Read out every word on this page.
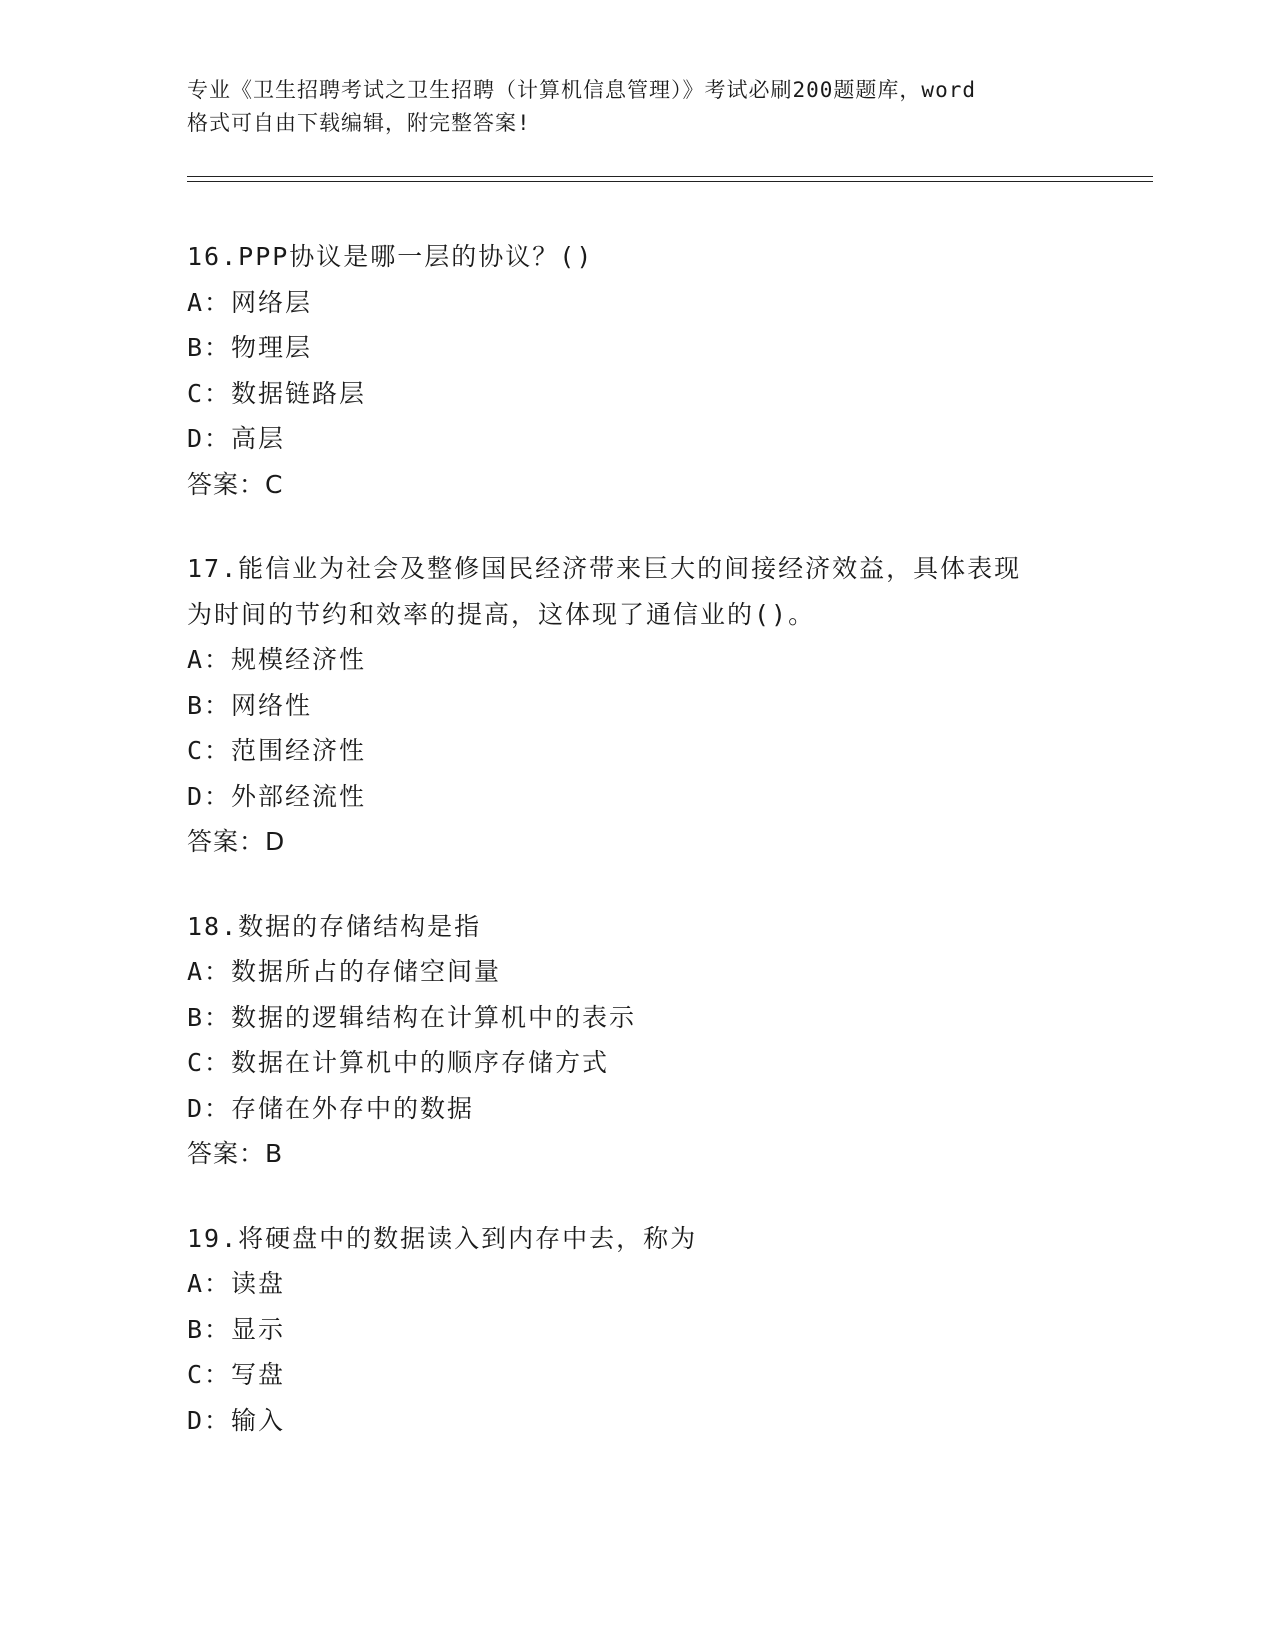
专业《卫生招聘考试之卫生招聘（计算机信息管理）》考试必刷200题题库，word
格式可自由下载编辑，附完整答案!
16.PPP协议是哪一层的协议？()
A：网络层
B：物理层
C：数据链路层
D：高层
答案：C
17.能信业为社会及整修国民经济带来巨大的间接经济效益，具体表现
为时间的节约和效率的提高，这体现了通信业的()。
A：规模经济性
B：网络性
C：范围经济性
D：外部经流性
答案：D
18.数据的存储结构是指
A：数据所占的存储空间量
B：数据的逻辑结构在计算机中的表示
C：数据在计算机中的顺序存储方式
D：存储在外存中的数据
答案：B
19.将硬盘中的数据读入到内存中去，称为
A：读盘
B：显示
C：写盘
D：输入
